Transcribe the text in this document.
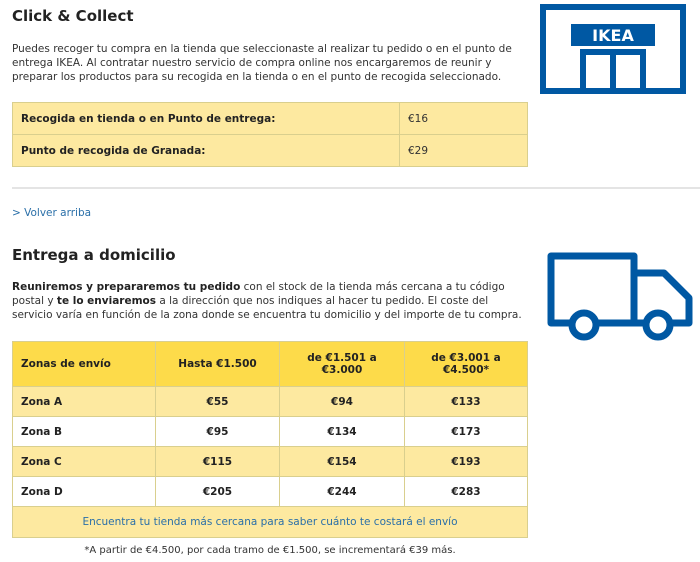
Click & Collect

Puedes recoger tu compra en la tienda que seleccionaste al realizar tu pedido o en el punto de entrega IKEA. Al contratar nuestro servicio de compra online nos encargaremos de reunir y preparar los productos para su recogida en la tienda o en el punto de recogida seleccionado.

IKEA
Recogida en tienda o en Punto de entrega:	€16
Punto de recogida de Granada:	€29
> Volver arriba
Entrega a domicilio

Reuniremos y prepararemos tu pedido con el stock de la tienda más cercana a tu código postal y te lo enviaremos a la dirección que nos indiques al hacer tu pedido. El coste del servicio varía en función de la zona donde se encuentra tu domicilio y del importe de tu compra.

Zonas de envío	Hasta €1.500	de €1.501 a €3.000	de €3.001 a €4.500*
Zona A	€55	€94	€133
Zona B	€95	€134	€173
Zona C	€115	€154	€193
Zona D	€205	€244	€283
Encuentra tu tienda más cercana para saber cuánto te costará el envío			
*A partir de €4.500, por cada tramo de €1.500, se incrementará €39 más.
